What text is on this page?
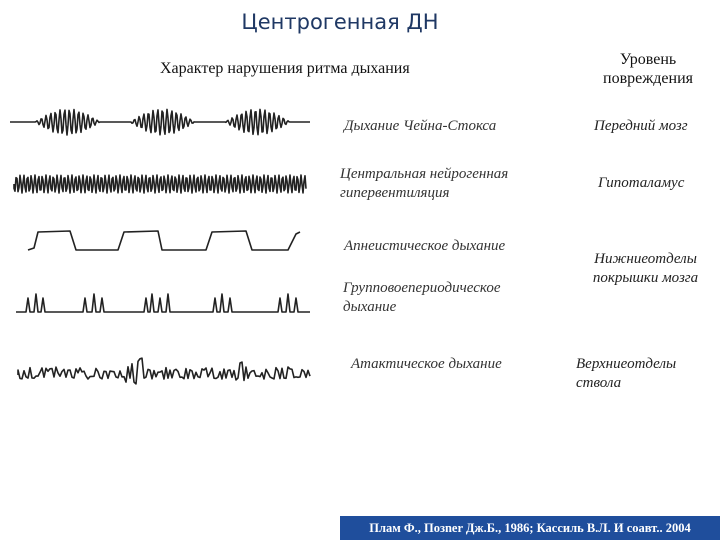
Центрогенная ДН
Характер нарушения ритма дыхания
Уровень повреждения
Дыхание Чейна-Стокса
Центральная нейрогенная гипервентиляция
Апнеистическое дыхание
Групповоепериодическое дыхание
Атактическое дыхание
Передний мозг
Гипоталамус
Нижниеотделы покрышки мозга
Верхниеотделы ствола
Плам Ф., Позner Дж.Б., 1986; Кассиль В.Л. И соавт.. 2004
